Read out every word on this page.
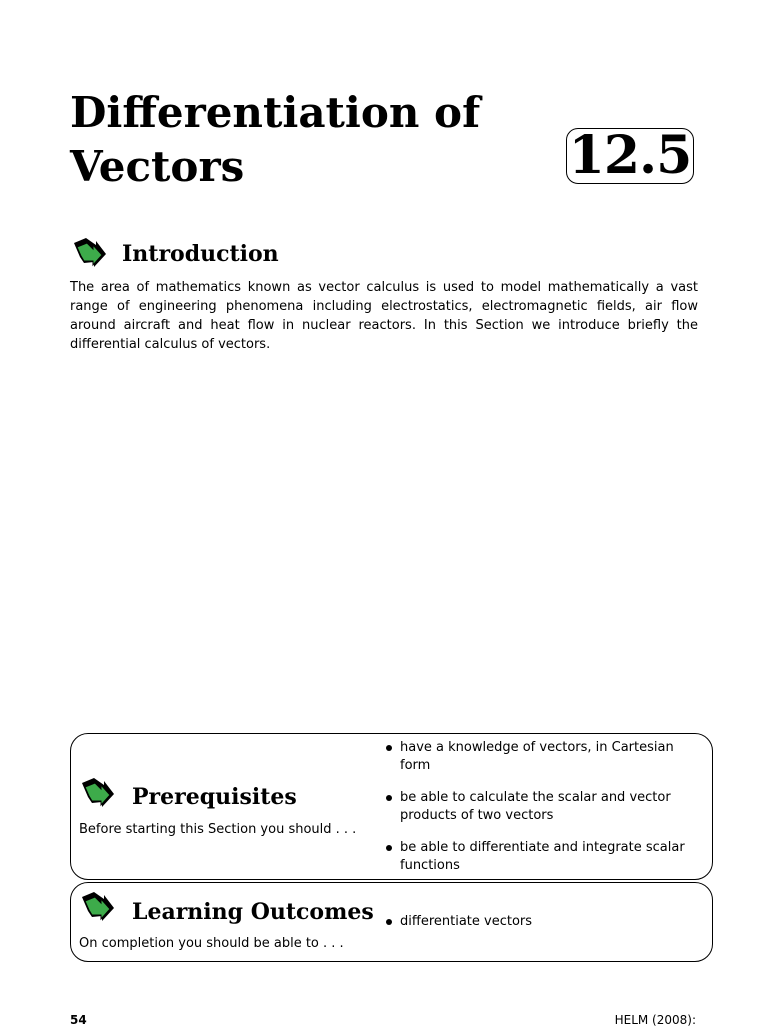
Differentiation of
Vectors	12.5
Introduction

The area of mathematics known as vector calculus is used to model mathematically a vast range of engineering phenomena including electrostatics, electromagnetic fields, air flow around aircraft and heat flow in nuclear reactors. In this Section we introduce briefly the differential calculus of vectors.

Prerequisites

Before starting this Section you should . . .

have a knowledge of vectors, in Cartesian form
be able to calculate the scalar and vector products of two vectors
be able to differentiate and integrate scalar functions
Learning Outcomes

On completion you should be able to . . .

differentiate vectors
54	HELM (2008):
